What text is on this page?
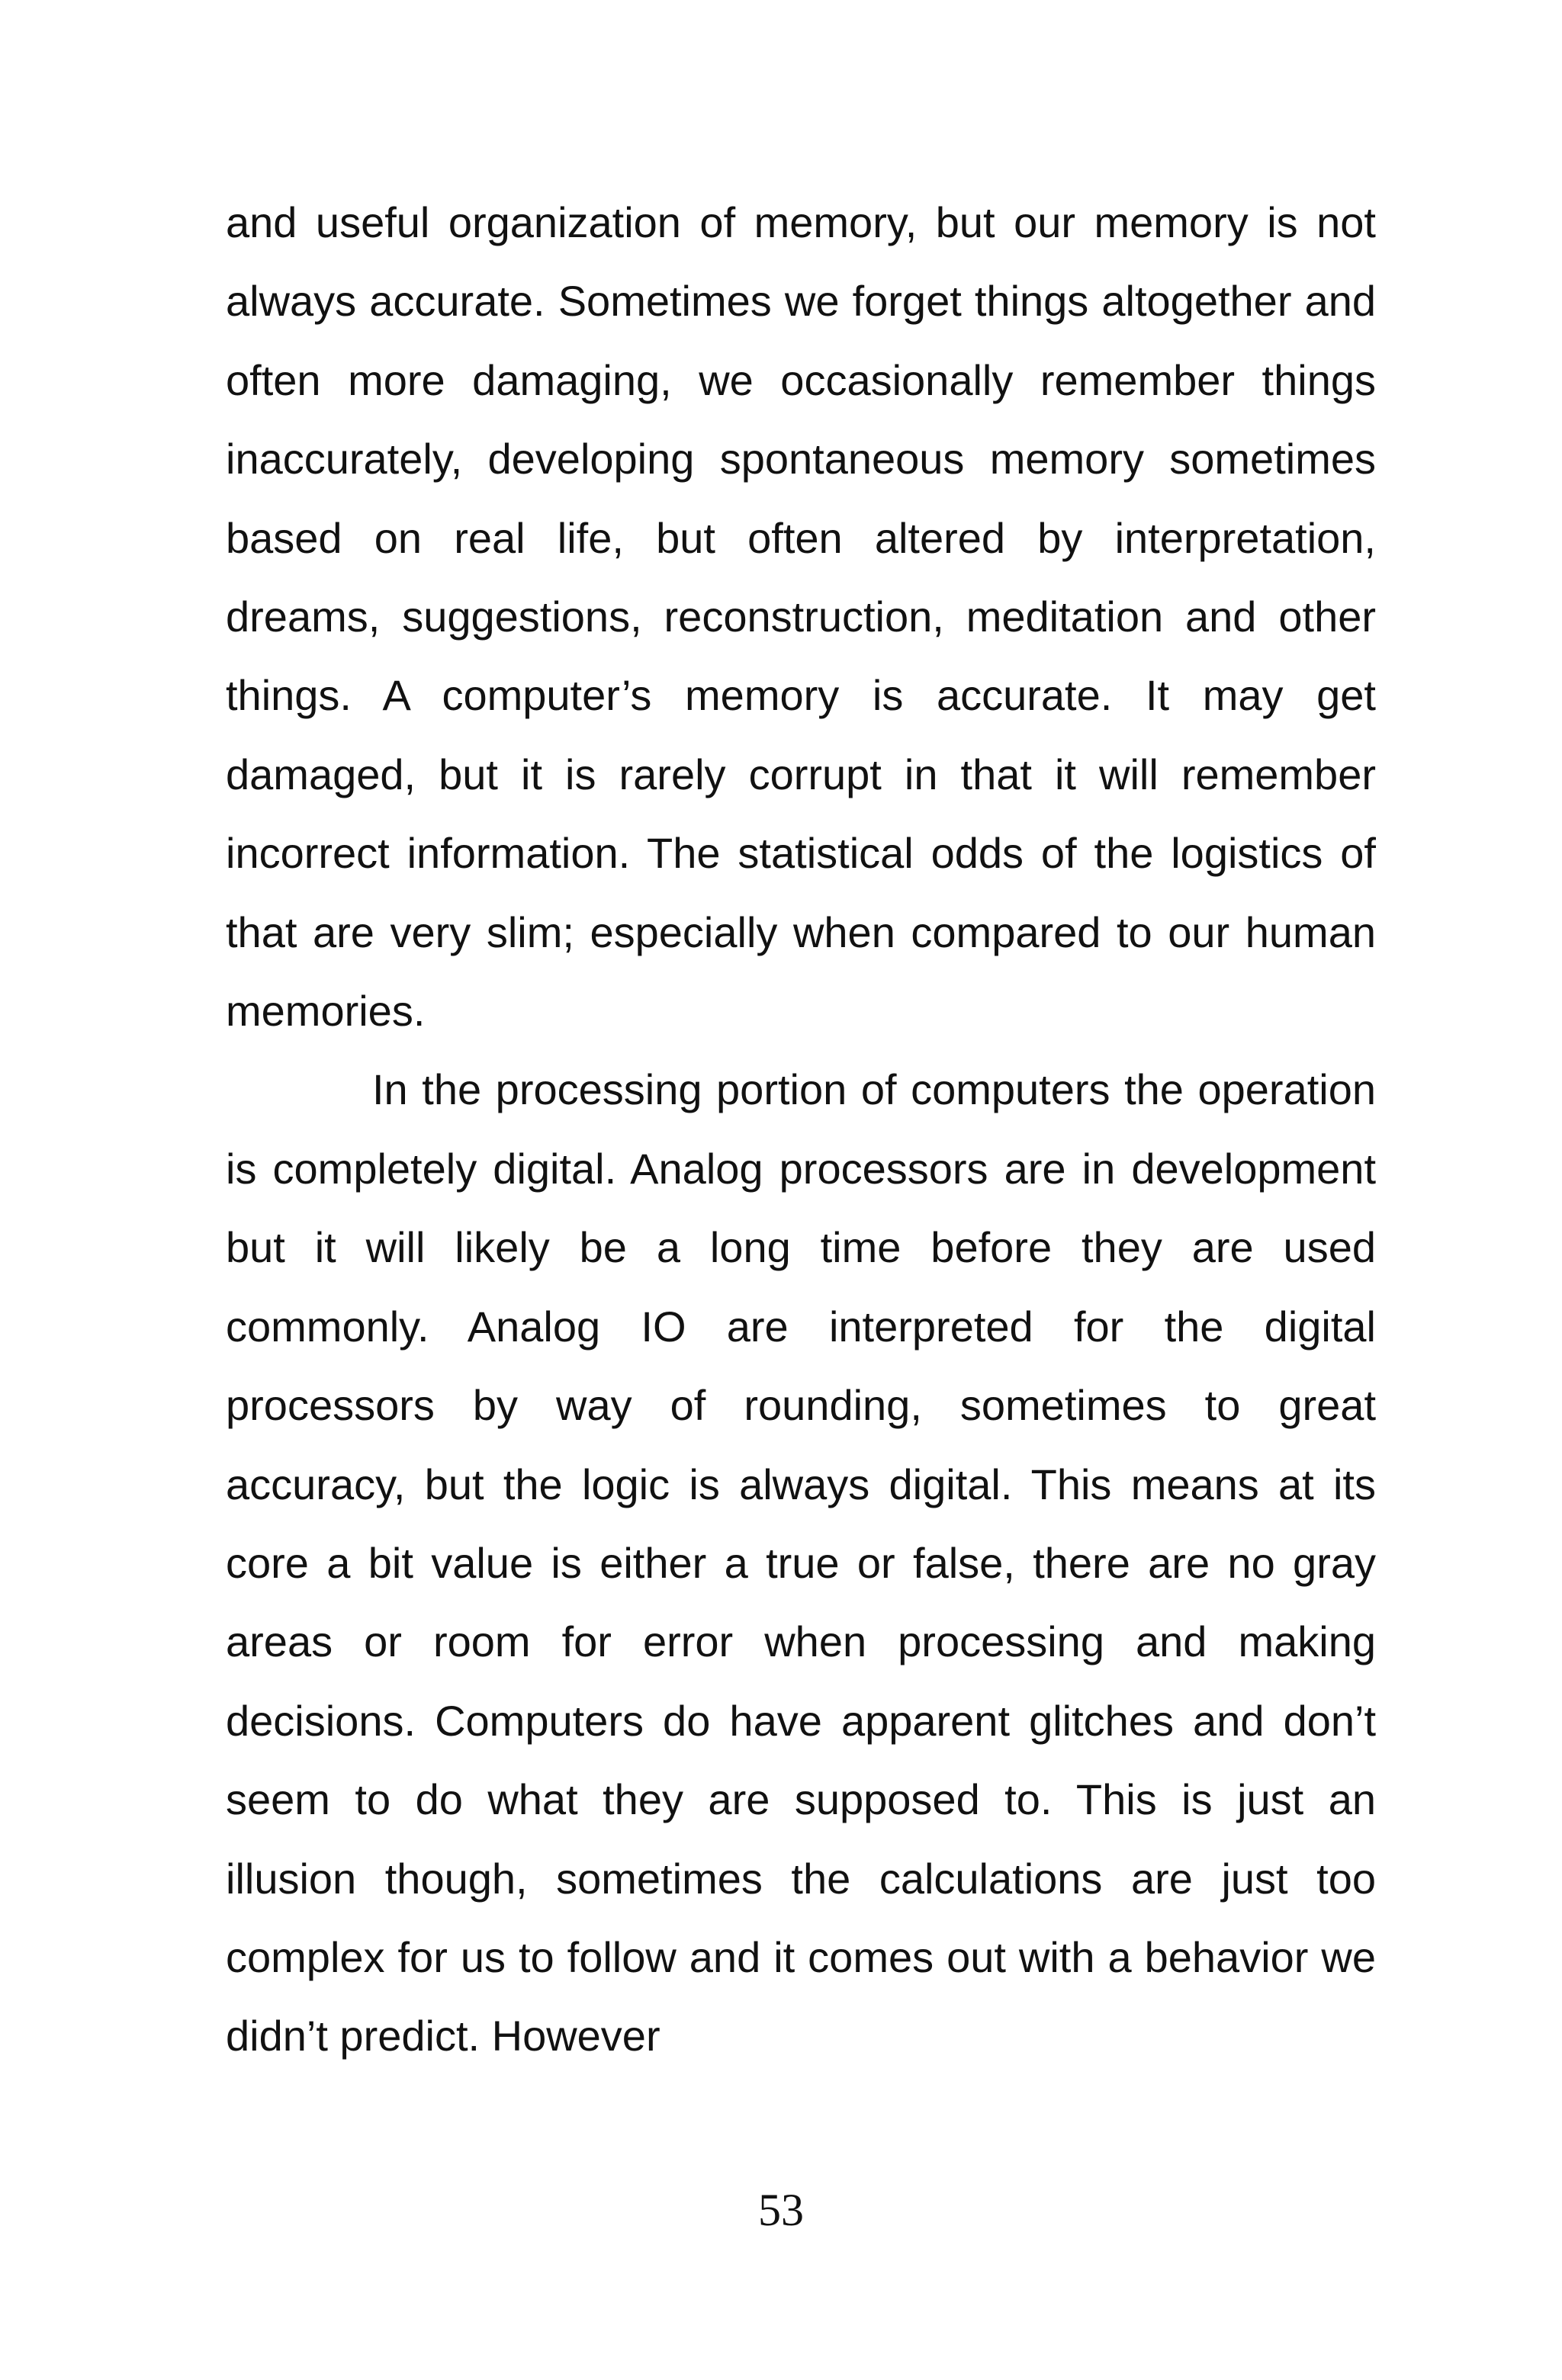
and useful organization of memory, but our memory is not always accurate. Sometimes we forget things altogether and often more damaging, we occasionally remember things inaccurately, developing spontaneous memory sometimes based on real life, but often altered by interpretation, dreams, suggestions, reconstruction, meditation and other things. A computer’s memory is accurate. It may get damaged, but it is rarely corrupt in that it will remember incorrect information. The statistical odds of the logistics of that are very slim; especially when compared to our human memories.

In the processing portion of computers the operation is completely digital. Analog processors are in development but it will likely be a long time before they are used commonly. Analog IO are interpreted for the digital processors by way of rounding, sometimes to great accuracy, but the logic is always digital. This means at its core a bit value is either a true or false, there are no gray areas or room for error when processing and making decisions. Computers do have apparent glitches and don’t seem to do what they are supposed to. This is just an illusion though, sometimes the calculations are just too complex for us to follow and it comes out with a behavior we didn’t predict. However

53
